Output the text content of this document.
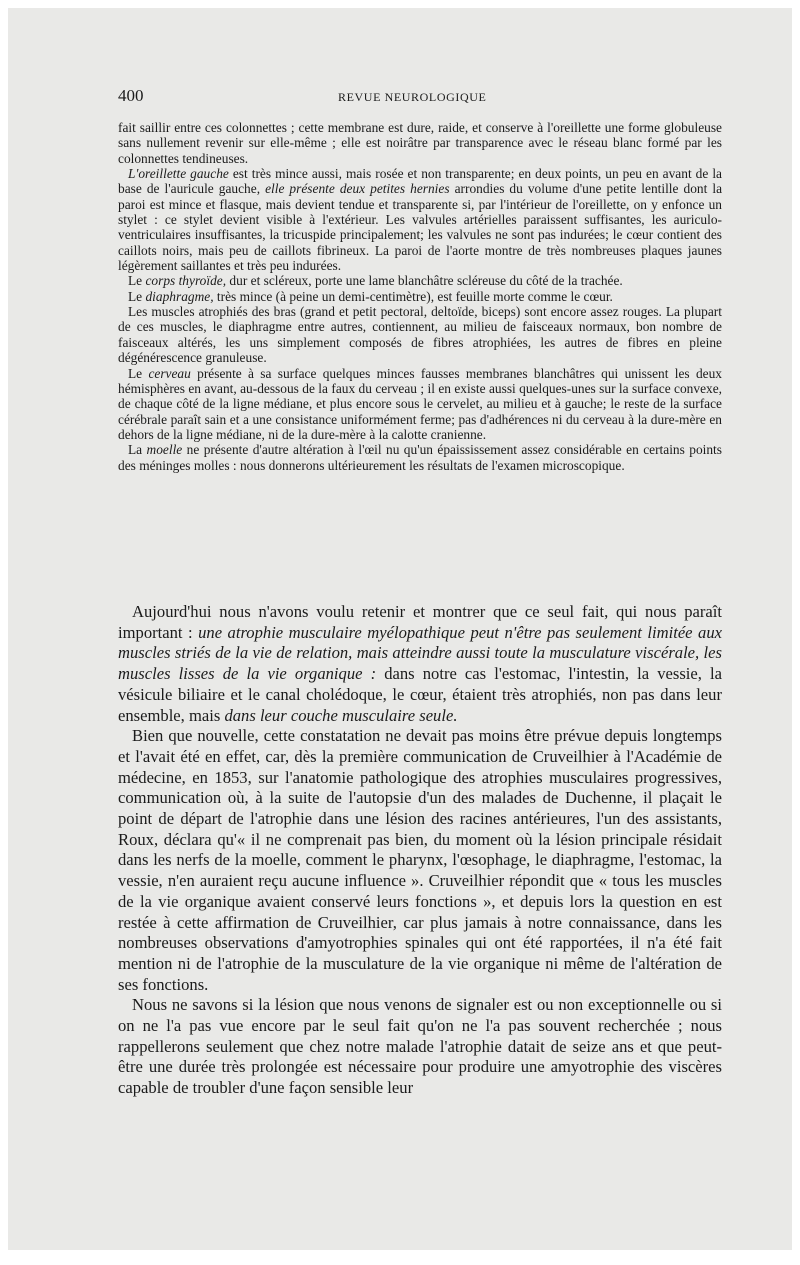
400	REVUE NEUROLOGIQUE

fait saillir entre ces colonnettes ; cette membrane est dure, raide, et conserve à l'oreillette une forme globuleuse sans nullement revenir sur elle-même ; elle est noirâtre par transparence avec le réseau blanc formé par les colonnettes tendineuses.

L'oreillette gauche est très mince aussi, mais rosée et non transparente; en deux points, un peu en avant de la base de l'auricule gauche, elle présente deux petites hernies arrondies du volume d'une petite lentille dont la paroi est mince et flasque, mais devient tendue et transparente si, par l'intérieur de l'oreillette, on y enfonce un stylet : ce stylet devient visible à l'extérieur. Les valvules artérielles paraissent suffisantes, les auriculo-ventriculaires insuffisantes, la tricuspide principalement; les valvules ne sont pas indurées; le cœur contient des caillots noirs, mais peu de caillots fibrineux. La paroi de l'aorte montre de très nombreuses plaques jaunes légèrement saillantes et très peu indurées.

Le corps thyroïde, dur et scléreux, porte une lame blanchâtre scléreuse du côté de la trachée.

Le diaphragme, très mince (à peine un demi-centimètre), est feuille morte comme le cœur.

Les muscles atrophiés des bras (grand et petit pectoral, deltoïde, biceps) sont encore assez rouges. La plupart de ces muscles, le diaphragme entre autres, contiennent, au milieu de faisceaux normaux, bon nombre de faisceaux altérés, les uns simplement composés de fibres atrophiées, les autres de fibres en pleine dégénérescence granuleuse.

Le cerveau présente à sa surface quelques minces fausses membranes blanchâtres qui unissent les deux hémisphères en avant, au-dessous de la faux du cerveau ; il en existe aussi quelques-unes sur la surface convexe, de chaque côté de la ligne médiane, et plus encore sous le cervelet, au milieu et à gauche; le reste de la surface cérébrale paraît sain et a une consistance uniformément ferme; pas d'adhérences ni du cerveau à la dure-mère en dehors de la ligne médiane, ni de la dure-mère à la calotte cranienne.

La moelle ne présente d'autre altération à l'œil nu qu'un épaississement assez considérable en certains points des méninges molles : nous donnerons ultérieurement les résultats de l'examen microscopique.

Aujourd'hui nous n'avons voulu retenir et montrer que ce seul fait, qui nous paraît important : une atrophie musculaire myélopathique peut n'être pas seulement limitée aux muscles striés de la vie de relation, mais atteindre aussi toute la musculature viscérale, les muscles lisses de la vie organique : dans notre cas l'estomac, l'intestin, la vessie, la vésicule biliaire et le canal cholédoque, le cœur, étaient très atrophiés, non pas dans leur ensemble, mais dans leur couche musculaire seule.

Bien que nouvelle, cette constatation ne devait pas moins être prévue depuis longtemps et l'avait été en effet, car, dès la première communication de Cruveilhier à l'Académie de médecine, en 1853, sur l'anatomie pathologique des atrophies musculaires progressives, communication où, à la suite de l'autopsie d'un des malades de Duchenne, il plaçait le point de départ de l'atrophie dans une lésion des racines antérieures, l'un des assistants, Roux, déclara qu'« il ne comprenait pas bien, du moment où la lésion principale résidait dans les nerfs de la moelle, comment le pharynx, l'œsophage, le diaphragme, l'estomac, la vessie, n'en auraient reçu aucune influence ». Cruveilhier répondit que « tous les muscles de la vie organique avaient conservé leurs fonctions », et depuis lors la question en est restée à cette affirmation de Cruveilhier, car plus jamais à notre connaissance, dans les nombreuses observations d'amyotrophies spinales qui ont été rapportées, il n'a été fait mention ni de l'atrophie de la musculature de la vie organique ni même de l'altération de ses fonctions.

Nous ne savons si la lésion que nous venons de signaler est ou non exceptionnelle ou si on ne l'a pas vue encore par le seul fait qu'on ne l'a pas souvent recherchée ; nous rappellerons seulement que chez notre malade l'atrophie datait de seize ans et que peut-être une durée très prolongée est nécessaire pour produire une amyotrophie des viscères capable de troubler d'une façon sensible leur
